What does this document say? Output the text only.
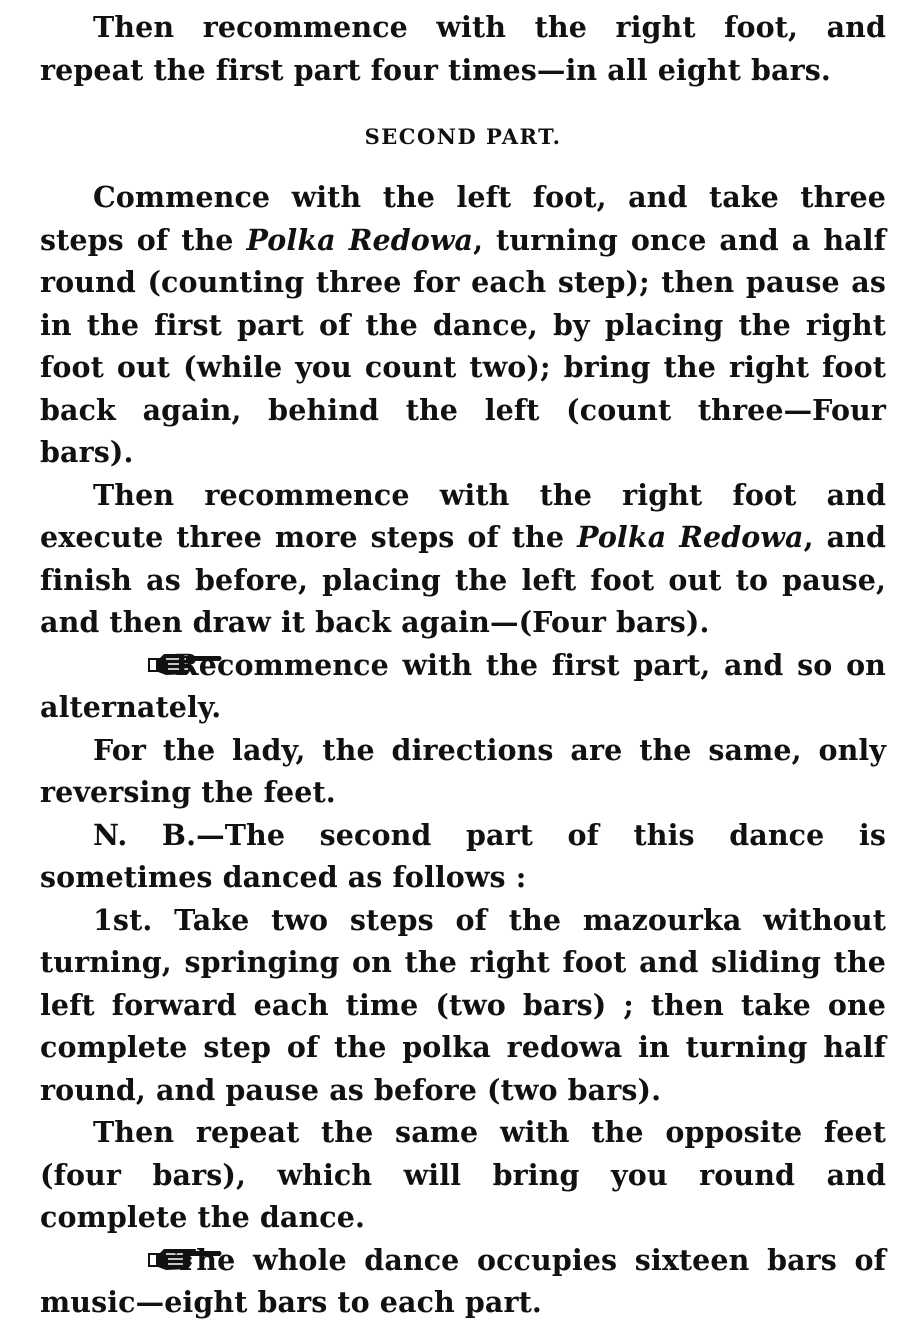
Then recommence with the right foot, and repeat the first part four times—in all eight bars.

SECOND PART.

Commence with the left foot, and take three steps of the Polka Redowa, turning once and a half round (counting three for each step); then pause as in the first part of the dance, by placing the right foot out (while you count two); bring the right foot back again, behind the left (count three—Four bars).

Then recommence with the right foot and execute three more steps of the Polka Redowa, and finish as before, placing the left foot out to pause, and then draw it back again—(Four bars).

Recommence with the first part, and so on alternately.

For the lady, the directions are the same, only reversing the feet.

N. B.—The second part of this dance is sometimes danced as follows :

1st. Take two steps of the mazourka without turning, springing on the right foot and sliding the left forward each time (two bars) ; then take one complete step of the polka redowa in turning half round, and pause as before (two bars).

Then repeat the same with the opposite feet (four bars), which will bring you round and complete the dance.

The whole dance occupies sixteen bars of music—eight bars to each part.
